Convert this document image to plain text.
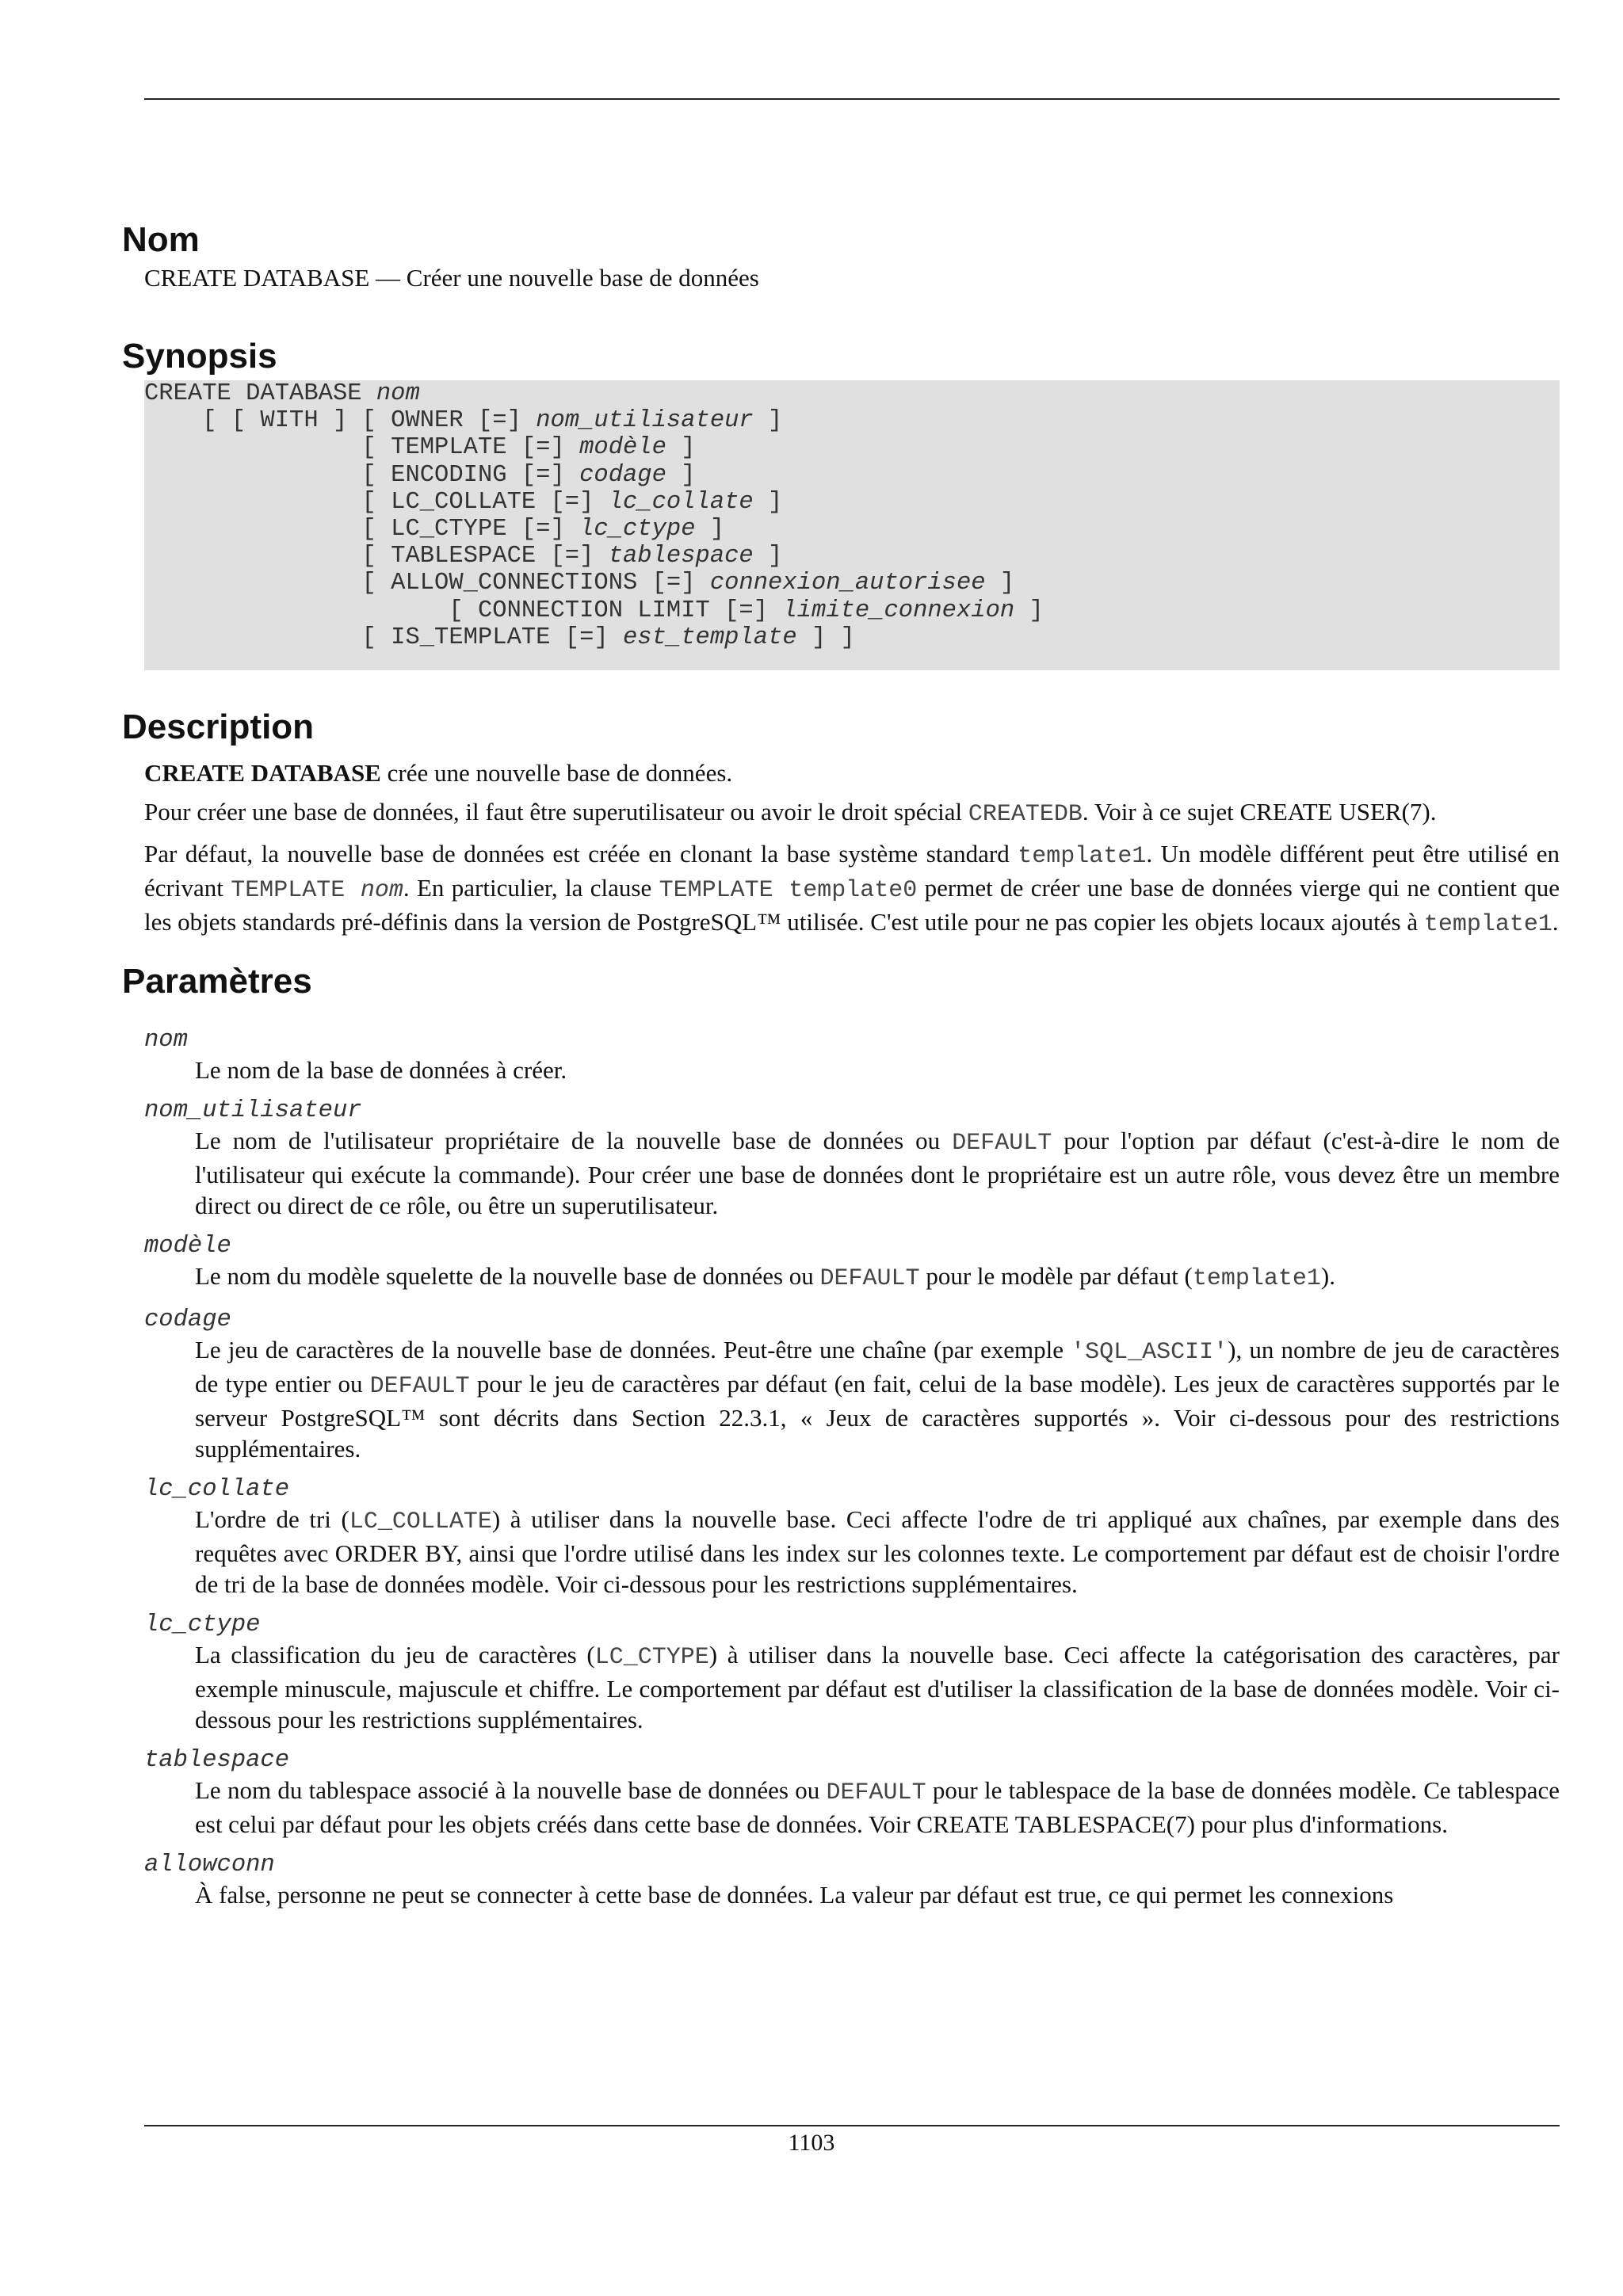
Nom
CREATE DATABASE — Créer une nouvelle base de données
Synopsis
CREATE DATABASE nom
[ [ WITH ] [ OWNER [=] nom_utilisateur ]
[ TEMPLATE [=] modèle ]
[ ENCODING [=] codage ]
[ LC_COLLATE [=] lc_collate ]
[ LC_CTYPE [=] lc_ctype ]
[ TABLESPACE [=] tablespace ]
[ ALLOW_CONNECTIONS [=] connexion_autorisee ]
[ CONNECTION LIMIT [=] limite_connexion ]
[ IS_TEMPLATE [=] est_template ] ]
Description

CREATE DATABASE crée une nouvelle base de données.

Pour créer une base de données, il faut être superutilisateur ou avoir le droit spécial CREATEDB. Voir à ce sujet CREATE USER(7).

Par défaut, la nouvelle base de données est créée en clonant la base système standard template1. Un modèle différent peut être utilisé en écrivant TEMPLATE nom. En particulier, la clause TEMPLATE template0 permet de créer une base de données vierge qui ne contient que les objets standards pré-définis dans la version de PostgreSQL™ utilisée. C'est utile pour ne pas copier les objets locaux ajoutés à template1.

Paramètres
nom
Le nom de la base de données à créer.
nom_utilisateur
Le nom de l'utilisateur propriétaire de la nouvelle base de données ou DEFAULT pour l'option par défaut (c'est-à-dire le nom de l'utilisateur qui exécute la commande). Pour créer une base de données dont le propriétaire est un autre rôle, vous devez être un membre direct ou direct de ce rôle, ou être un superutilisateur.
modèle
Le nom du modèle squelette de la nouvelle base de données ou DEFAULT pour le modèle par défaut (template1).
codage
Le jeu de caractères de la nouvelle base de données. Peut-être une chaîne (par exemple 'SQL_ASCII'), un nombre de jeu de caractères de type entier ou DEFAULT pour le jeu de caractères par défaut (en fait, celui de la base modèle). Les jeux de caractères supportés par le serveur PostgreSQL™ sont décrits dans Section 22.3.1, « Jeux de caractères supportés ». Voir ci-dessous pour des restrictions supplémentaires.
lc_collate
L'ordre de tri (LC_COLLATE) à utiliser dans la nouvelle base. Ceci affecte l'odre de tri appliqué aux chaînes, par exemple dans des requêtes avec ORDER BY, ainsi que l'ordre utilisé dans les index sur les colonnes texte. Le comportement par défaut est de choisir l'ordre de tri de la base de données modèle. Voir ci-dessous pour les restrictions supplémentaires.
lc_ctype
La classification du jeu de caractères (LC_CTYPE) à utiliser dans la nouvelle base. Ceci affecte la catégorisation des caractères, par exemple minuscule, majuscule et chiffre. Le comportement par défaut est d'utiliser la classification de la base de données modèle. Voir ci-dessous pour les restrictions supplémentaires.
tablespace
Le nom du tablespace associé à la nouvelle base de données ou DEFAULT pour le tablespace de la base de données modèle. Ce tablespace est celui par défaut pour les objets créés dans cette base de données. Voir CREATE TABLESPACE(7) pour plus d'informations.
allowconn
À false, personne ne peut se connecter à cette base de données. La valeur par défaut est true, ce qui permet les connexions
1103
